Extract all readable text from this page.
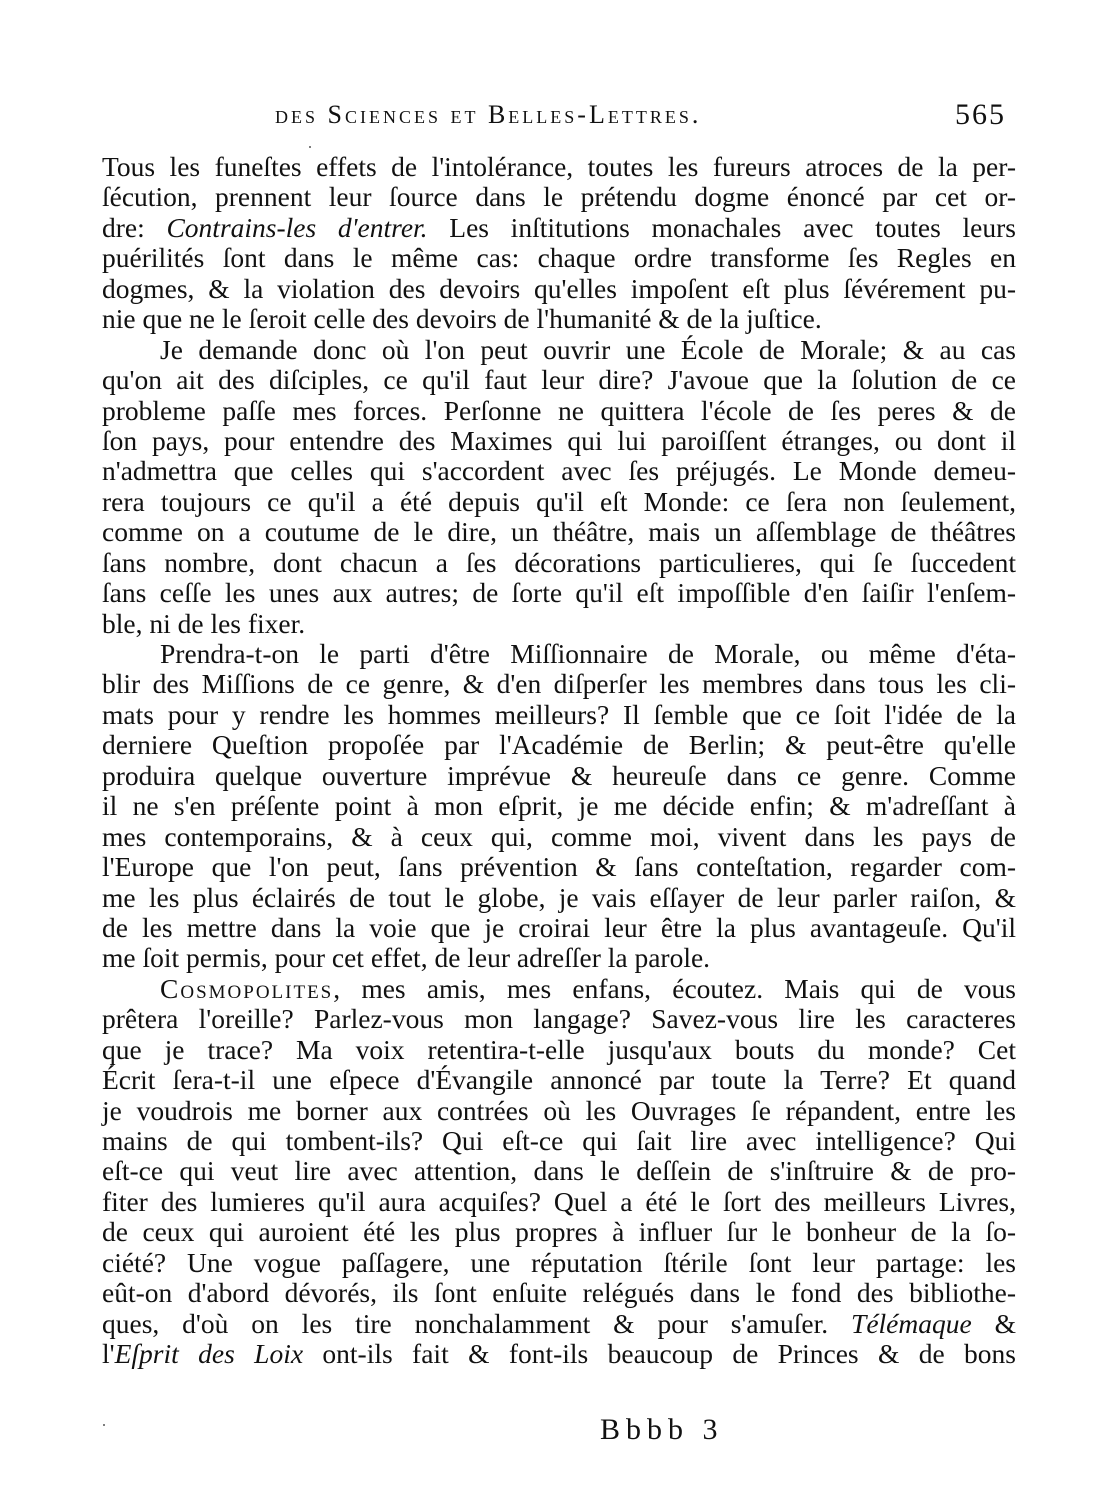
des Sciences et Belles-Lettres.	565
Tous les funeſtes effets de l'intolérance, toutes les fureurs atroces de la per-
ſécution, prennent leur ſource dans le prétendu dogme énoncé par cet or-
dre: Contrains-les d'entrer. Les inſtitutions monachales avec toutes leurs
puérilités ſont dans le même cas: chaque ordre transforme ſes Regles en
dogmes, & la violation des devoirs qu'elles impoſent eſt plus ſévérement pu-
nie que ne le ſeroit celle des devoirs de l'humanité & de la juſtice.
Je demande donc où l'on peut ouvrir une École de Morale; & au cas
qu'on ait des diſciples, ce qu'il faut leur dire? J'avoue que la ſolution de ce
probleme paſſe mes forces. Perſonne ne quittera l'école de ſes peres & de
ſon pays, pour entendre des Maximes qui lui paroiſſent étranges, ou dont il
n'admettra que celles qui s'accordent avec ſes préjugés. Le Monde demeu-
rera toujours ce qu'il a été depuis qu'il eſt Monde: ce ſera non ſeulement,
comme on a coutume de le dire, un théâtre, mais un aſſemblage de théâtres
ſans nombre, dont chacun a ſes décorations particulieres, qui ſe ſuccedent
ſans ceſſe les unes aux autres; de ſorte qu'il eſt impoſſible d'en ſaiſir l'enſem-
ble, ni de les fixer.
Prendra-t-on le parti d'être Miſſionnaire de Morale, ou même d'éta-
blir des Miſſions de ce genre, & d'en diſperſer les membres dans tous les cli-
mats pour y rendre les hommes meilleurs? Il ſemble que ce ſoit l'idée de la
derniere Queſtion propoſée par l'Académie de Berlin; & peut-être qu'elle
produira quelque ouverture imprévue & heureuſe dans ce genre. Comme
il ne s'en préſente point à mon eſprit, je me décide enfin; & m'adreſſant à
mes contemporains, & à ceux qui, comme moi, vivent dans les pays de
l'Europe que l'on peut, ſans prévention & ſans conteſtation, regarder com-
me les plus éclairés de tout le globe, je vais eſſayer de leur parler raiſon, &
de les mettre dans la voie que je croirai leur être la plus avantageuſe. Qu'il
me ſoit permis, pour cet effet, de leur adreſſer la parole.
Cosmopolites, mes amis, mes enfans, écoutez. Mais qui de vous
prêtera l'oreille? Parlez-vous mon langage? Savez-vous lire les caracteres
que je trace? Ma voix retentira-t-elle jusqu'aux bouts du monde? Cet
Écrit ſera-t-il une eſpece d'Évangile annoncé par toute la Terre? Et quand
je voudrois me borner aux contrées où les Ouvrages ſe répandent, entre les
mains de qui tombent-ils? Qui eſt-ce qui ſait lire avec intelligence? Qui
eſt-ce qui veut lire avec attention, dans le deſſein de s'inſtruire & de pro-
fiter des lumieres qu'il aura acquiſes? Quel a été le ſort des meilleurs Livres,
de ceux qui auroient été les plus propres à influer ſur le bonheur de la ſo-
ciété? Une vogue paſſagere, une réputation ſtérile ſont leur partage: les
eût-on d'abord dévorés, ils ſont enſuite relégués dans le fond des bibliothe-
ques, d'où on les tire nonchalamment & pour s'amuſer. Télémaque &
l'Eſprit des Loix ont-ils fait & font-ils beaucoup de Princes & de bons
Bbbb 3
